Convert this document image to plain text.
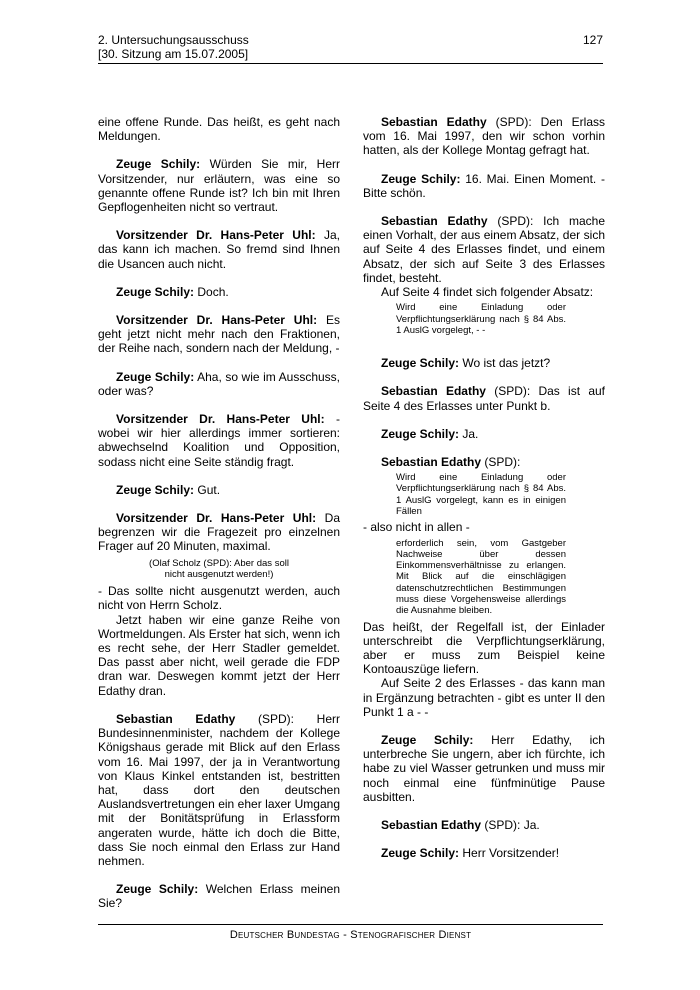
2. Untersuchungsausschuss
[30. Sitzung am 15.07.2005]
127

eine offene Runde. Das heißt, es geht nach Meldungen.

Zeuge Schily: Würden Sie mir, Herr Vorsitzender, nur erläutern, was eine so genannte offene Runde ist? Ich bin mit Ihren Gepflogenheiten nicht so vertraut.

Vorsitzender Dr. Hans-Peter Uhl: Ja, das kann ich machen. So fremd sind Ihnen die Usancen auch nicht.

Zeuge Schily: Doch.

Vorsitzender Dr. Hans-Peter Uhl: Es geht jetzt nicht mehr nach den Fraktionen, der Reihe nach, sondern nach der Meldung, -

Zeuge Schily: Aha, so wie im Ausschuss, oder was?

Vorsitzender Dr. Hans-Peter Uhl: - wobei wir hier allerdings immer sortieren: abwechselnd Koalition und Opposition, sodass nicht eine Seite ständig fragt.

Zeuge Schily: Gut.

Vorsitzender Dr. Hans-Peter Uhl: Da begrenzen wir die Fragezeit pro einzelnen Frager auf 20 Minuten, maximal.

(Olaf Scholz (SPD): Aber das soll
nicht ausgenutzt werden!)

- Das sollte nicht ausgenutzt werden, auch nicht von Herrn Scholz.

Jetzt haben wir eine ganze Reihe von Wortmeldungen. Als Erster hat sich, wenn ich es recht sehe, der Herr Stadler gemeldet. Das passt aber nicht, weil gerade die FDP dran war. Deswegen kommt jetzt der Herr Edathy dran.

Sebastian Edathy (SPD): Herr Bundesinnenminister, nachdem der Kollege Königshaus gerade mit Blick auf den Erlass vom 16. Mai 1997, der ja in Verantwortung von Klaus Kinkel entstanden ist, bestritten hat, dass dort den deutschen Auslandsvertretungen ein eher laxer Umgang mit der Bonitätsprüfung in Erlassform angeraten wurde, hätte ich doch die Bitte, dass Sie noch einmal den Erlass zur Hand nehmen.

Zeuge Schily: Welchen Erlass meinen Sie?

Sebastian Edathy (SPD): Den Erlass vom 16. Mai 1997, den wir schon vorhin hatten, als der Kollege Montag gefragt hat.

Zeuge Schily: 16. Mai. Einen Moment. - Bitte schön.

Sebastian Edathy (SPD): Ich mache einen Vorhalt, der aus einem Absatz, der sich auf Seite 4 des Erlasses findet, und einem Absatz, der sich auf Seite 3 des Erlasses findet, besteht.

Auf Seite 4 findet sich folgender Absatz:

Wird eine Einladung oder Verpflichtungserklärung nach § 84 Abs. 1 AuslG vorgelegt, - -

Zeuge Schily: Wo ist das jetzt?

Sebastian Edathy (SPD): Das ist auf Seite 4 des Erlasses unter Punkt b.

Zeuge Schily: Ja.

Sebastian Edathy (SPD):

Wird eine Einladung oder Verpflichtungserklärung nach § 84 Abs. 1 AuslG vorgelegt, kann es in einigen Fällen

- also nicht in allen -

erforderlich sein, vom Gastgeber Nachweise über dessen Einkommensverhältnisse zu erlangen. Mit Blick auf die einschlägigen datenschutzrechtlichen Bestimmungen muss diese Vorgehensweise allerdings die Ausnahme bleiben.

Das heißt, der Regelfall ist, der Einlader unterschreibt die Verpflichtungserklärung, aber er muss zum Beispiel keine Kontoauszüge liefern.

Auf Seite 2 des Erlasses - das kann man in Ergänzung betrachten - gibt es unter II den Punkt 1 a - -

Zeuge Schily: Herr Edathy, ich unterbreche Sie ungern, aber ich fürchte, ich habe zu viel Wasser getrunken und muss mir noch einmal eine fünfminütige Pause ausbitten.

Sebastian Edathy (SPD): Ja.

Zeuge Schily: Herr Vorsitzender!

Deutscher Bundestag - Stenografischer Dienst
